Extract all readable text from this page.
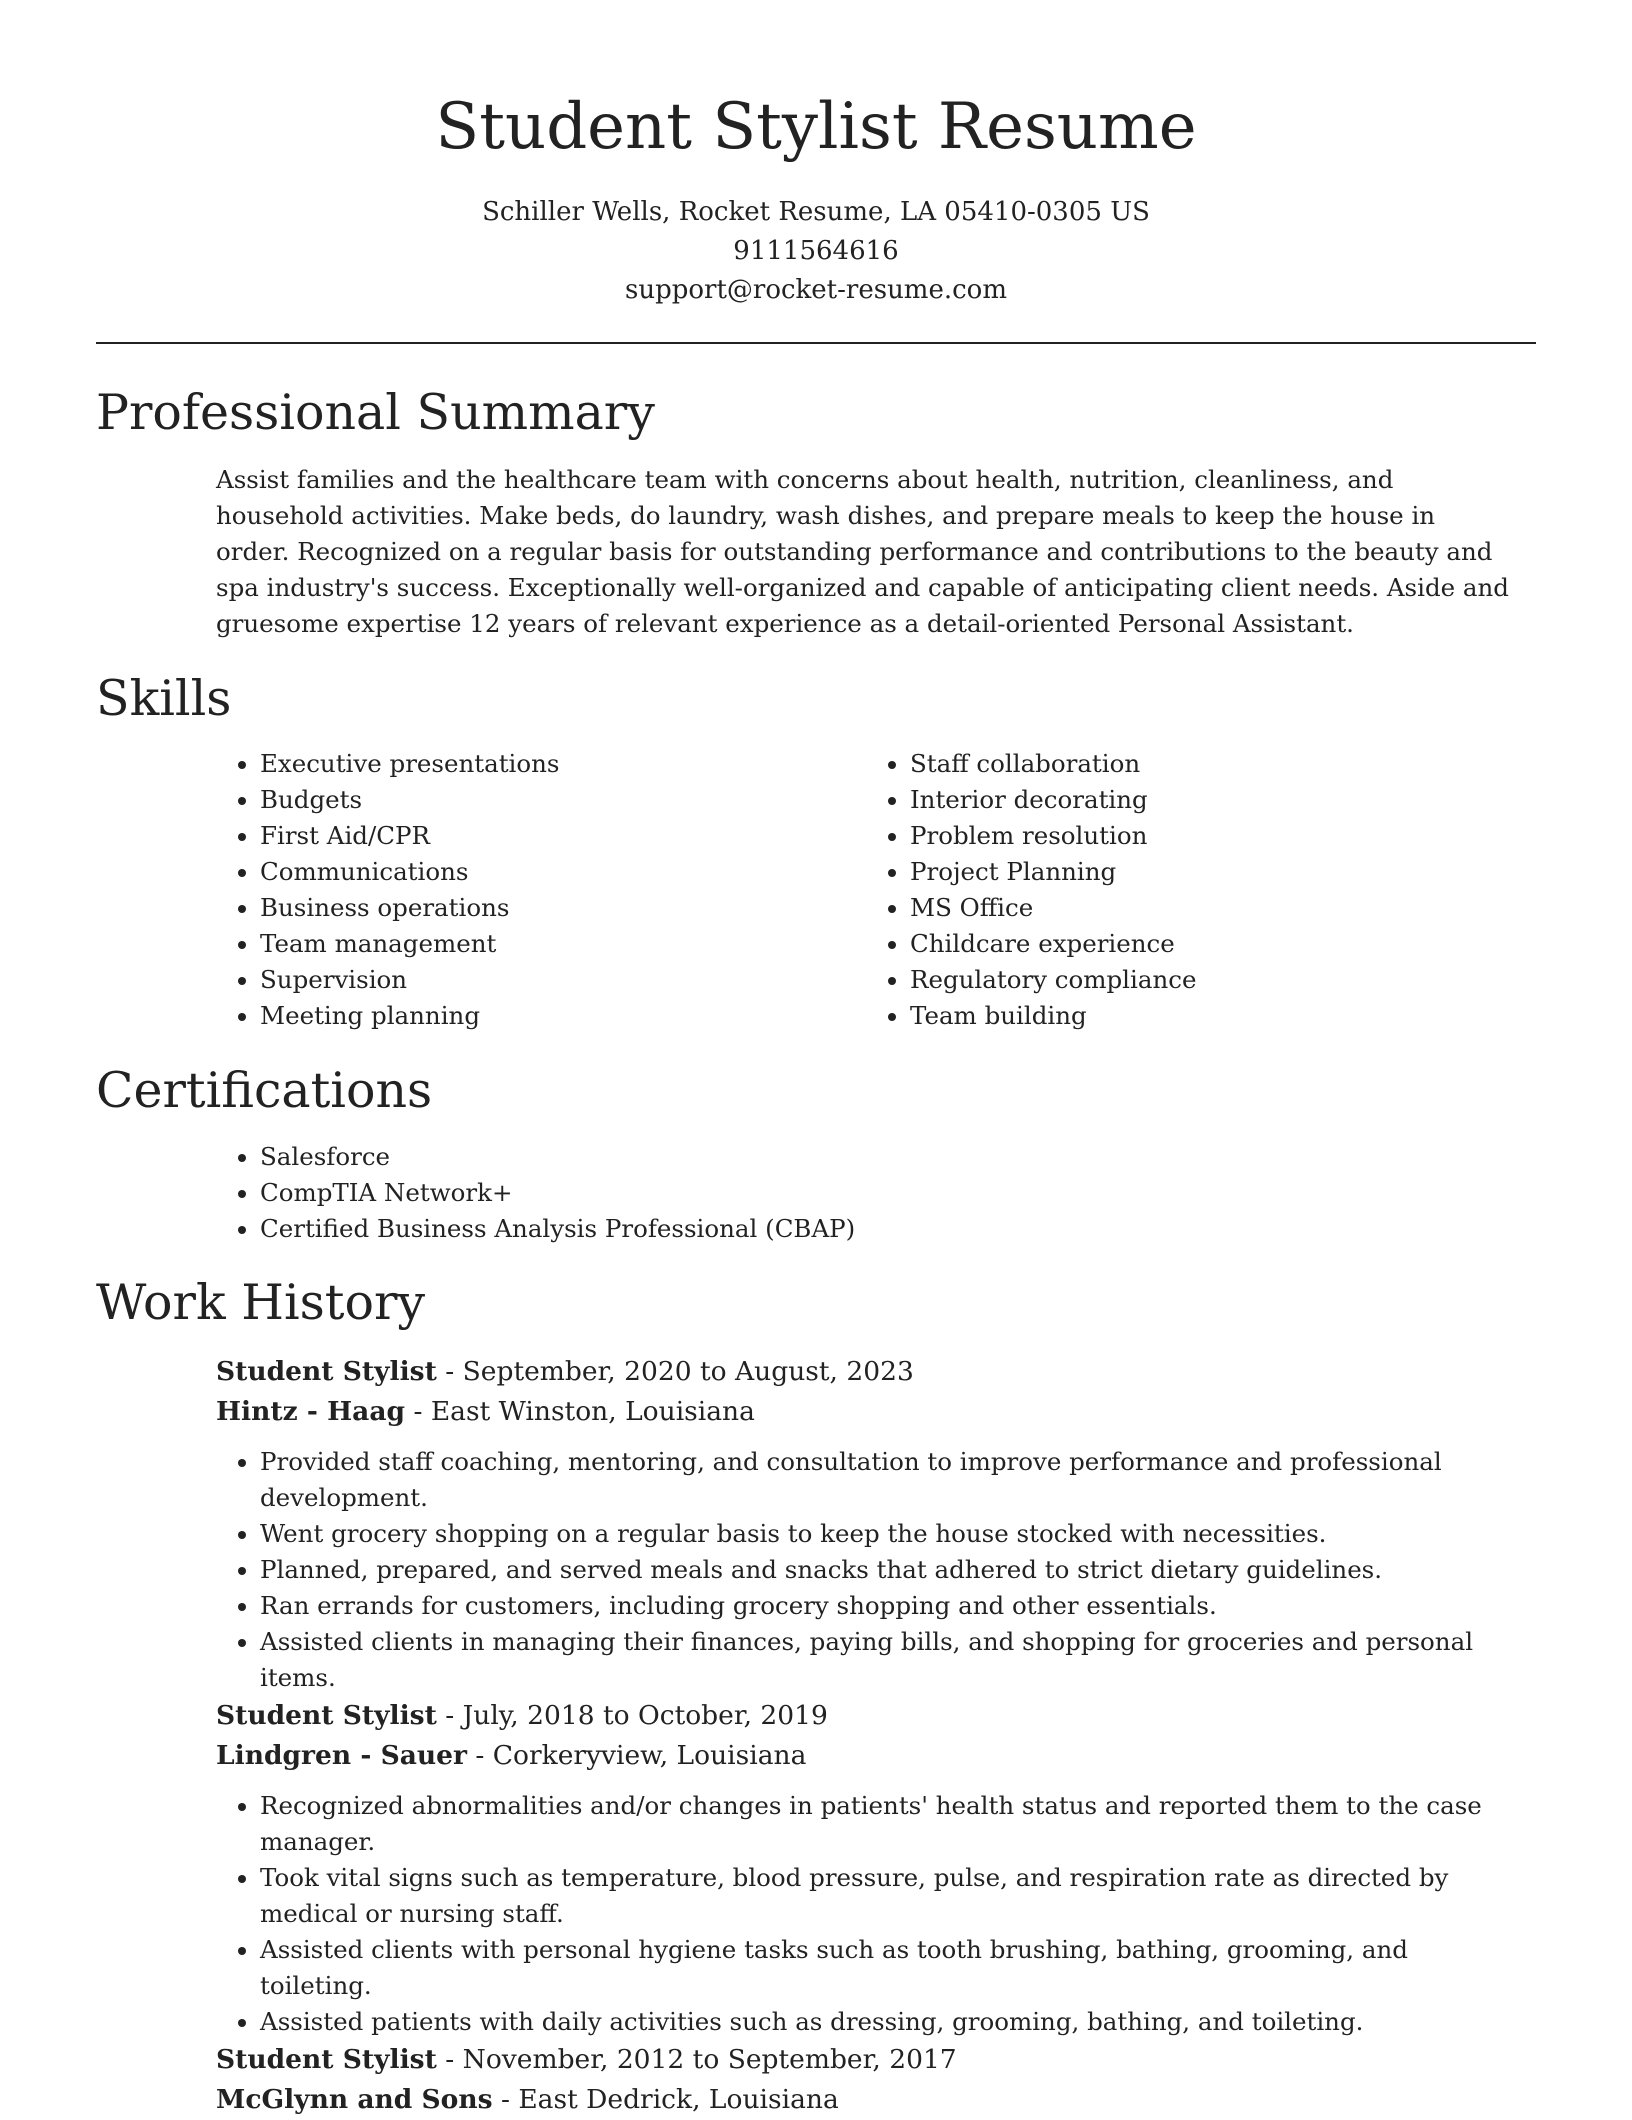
Student Stylist Resume
Schiller Wells, Rocket Resume, LA 05410-0305 US
9111564616
support@rocket-resume.com
Professional Summary
Assist families and the healthcare team with concerns about health, nutrition, cleanliness, and household activities. Make beds, do laundry, wash dishes, and prepare meals to keep the house in order. Recognized on a regular basis for outstanding performance and contributions to the beauty and spa industry's success. Exceptionally well-organized and capable of anticipating client needs. Aside and gruesome expertise 12 years of relevant experience as a detail-oriented Personal Assistant.
Skills
• Executive presentations
• Budgets
• First Aid/CPR
• Communications
• Business operations
• Team management
• Supervision
• Meeting planning
• Staff collaboration
• Interior decorating
• Problem resolution
• Project Planning
• MS Office
• Childcare experience
• Regulatory compliance
• Team building
Certifications
• Salesforce
• CompTIA Network+
• Certified Business Analysis Professional (CBAP)
Work History
Student Stylist - September, 2020 to August, 2023
Hintz - Haag - East Winston, Louisiana
• Provided staff coaching, mentoring, and consultation to improve performance and professional development.
• Went grocery shopping on a regular basis to keep the house stocked with necessities.
• Planned, prepared, and served meals and snacks that adhered to strict dietary guidelines.
• Ran errands for customers, including grocery shopping and other essentials.
• Assisted clients in managing their finances, paying bills, and shopping for groceries and personal items.
Student Stylist - July, 2018 to October, 2019
Lindgren - Sauer - Corkeryview, Louisiana
• Recognized abnormalities and/or changes in patients' health status and reported them to the case manager.
• Took vital signs such as temperature, blood pressure, pulse, and respiration rate as directed by medical or nursing staff.
• Assisted clients with personal hygiene tasks such as tooth brushing, bathing, grooming, and toileting.
• Assisted patients with daily activities such as dressing, grooming, bathing, and toileting.
Student Stylist - November, 2012 to September, 2017
McGlynn and Sons - East Dedrick, Louisiana
